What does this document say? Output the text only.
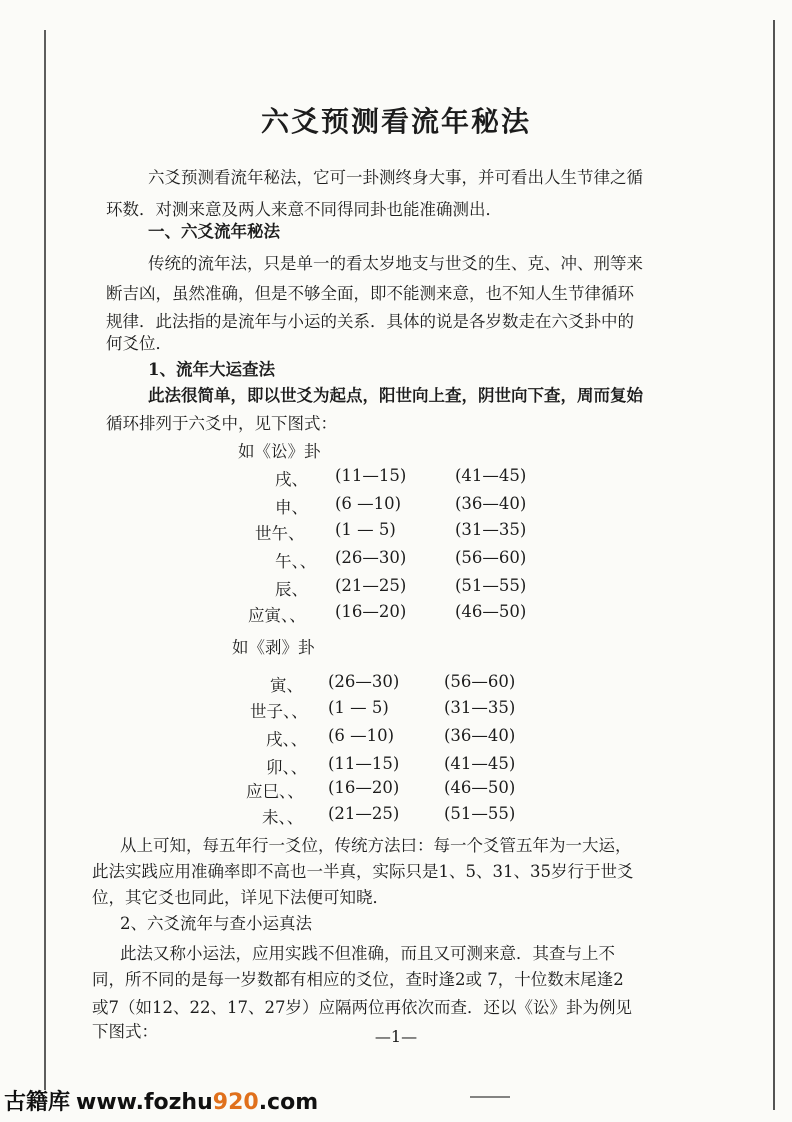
六爻预测看流年秘法
六爻预测看流年秘法，它可一卦测终身大事，并可看出人生节律之循
环数．对测来意及两人来意不同得同卦也能准确测出．
一、六爻流年秘法
传统的流年法，只是单一的看太岁地支与世爻的生、克、冲、刑等来
断吉凶，虽然准确，但是不够全面，即不能测来意，也不知人生节律循环
规律．此法指的是流年与小运的关系．具体的说是各岁数走在六爻卦中的
何爻位．
1、流年大运查法
此法很简单，即以世爻为起点，阳世向上查，阴世向下查，周而复始
循环排列于六爻中，见下图式：
如《讼》卦
戌、 (11—15)	(41—45)
申、 (6 —10)	(36—40)
世午、 (1 — 5)	(31—35)
午、、 (26—30)	(56—60)
辰、 (21—25)	(51—55)
应寅、、 (16—20)	(46—50)
如《剥》卦
寅、 (26—30)	(56—60)
世子、、 (1 — 5)	(31—35)
戌、、 (6 —10)	(36—40)
卯、、 (11—15)	(41—45)
应巳、、 (16—20)	(46—50)
未、、 (21—25)	(51—55)
从上可知，每五年行一爻位，传统方法曰：每一个爻管五年为一大运，
此法实践应用准确率即不高也一半真，实际只是1、5、31、35岁行于世爻
位，其它爻也同此，详见下法便可知晓．
2、六爻流年与查小运真法
此法又称小运法，应用实践不但准确，而且又可测来意．其查与上不
同，所不同的是每一岁数都有相应的爻位，查时逢2或 7，十位数末尾逢2
或7（如12、22、17、27岁）应隔两位再依次而查．还以《讼》卦为例见
下图式：	—1—
古籍库 www.fozhu920.com
